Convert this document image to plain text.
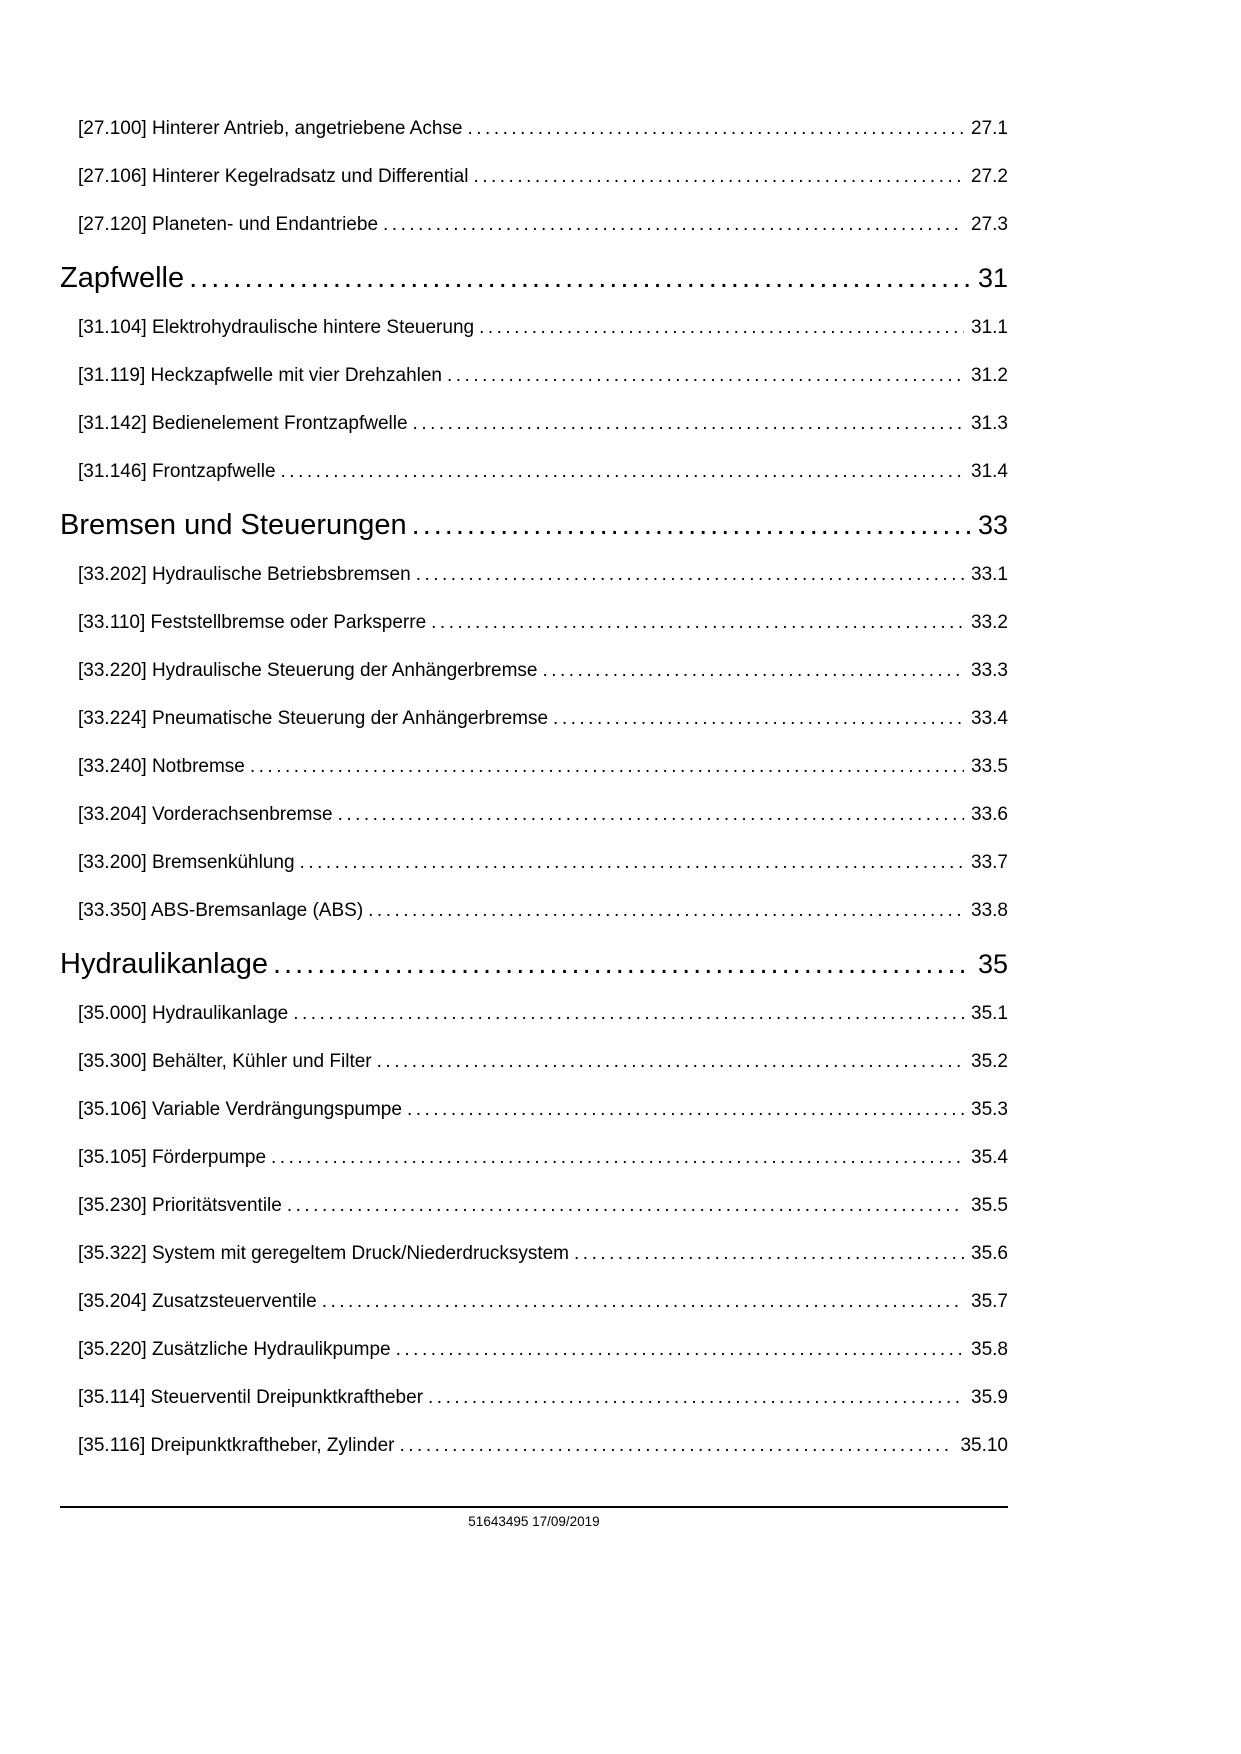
[27.100] Hinterer Antrieb, angetriebene Achse .....	27.1
[27.106] Hinterer Kegelradsatz und Differential .....	27.2
[27.120] Planeten- und Endantriebe .....	27.3
Zapfwelle .....	31
[31.104] Elektrohydraulische hintere Steuerung .....	31.1
[31.119] Heckzapfwelle mit vier Drehzahlen .....	31.2
[31.142] Bedienelement Frontzapfwelle .....	31.3
[31.146] Frontzapfwelle .....	31.4
Bremsen und Steuerungen .....	33
[33.202] Hydraulische Betriebsbremsen .....	33.1
[33.110] Feststellbremse oder Parksperre .....	33.2
[33.220] Hydraulische Steuerung der Anhängerbremse .....	33.3
[33.224] Pneumatische Steuerung der Anhängerbremse .....	33.4
[33.240] Notbremse .....	33.5
[33.204] Vorderachsenbremse .....	33.6
[33.200] Bremsenkühlung .....	33.7
[33.350] ABS-Bremsanlage (ABS) .....	33.8
Hydraulikanlage .....	35
[35.000] Hydraulikanlage .....	35.1
[35.300] Behälter, Kühler und Filter .....	35.2
[35.106] Variable Verdrängungspumpe .....	35.3
[35.105] Förderpumpe .....	35.4
[35.230] Prioritätsventile .....	35.5
[35.322] System mit geregeltem Druck/Niederdrucksystem .....	35.6
[35.204] Zusatzsteuerventile .....	35.7
[35.220] Zusätzliche Hydraulikpumpe .....	35.8
[35.114] Steuerventil Dreipunktkraftheber .....	35.9
[35.116] Dreipunktkraftheber, Zylinder .....	35.10
51643495 17/09/2019
